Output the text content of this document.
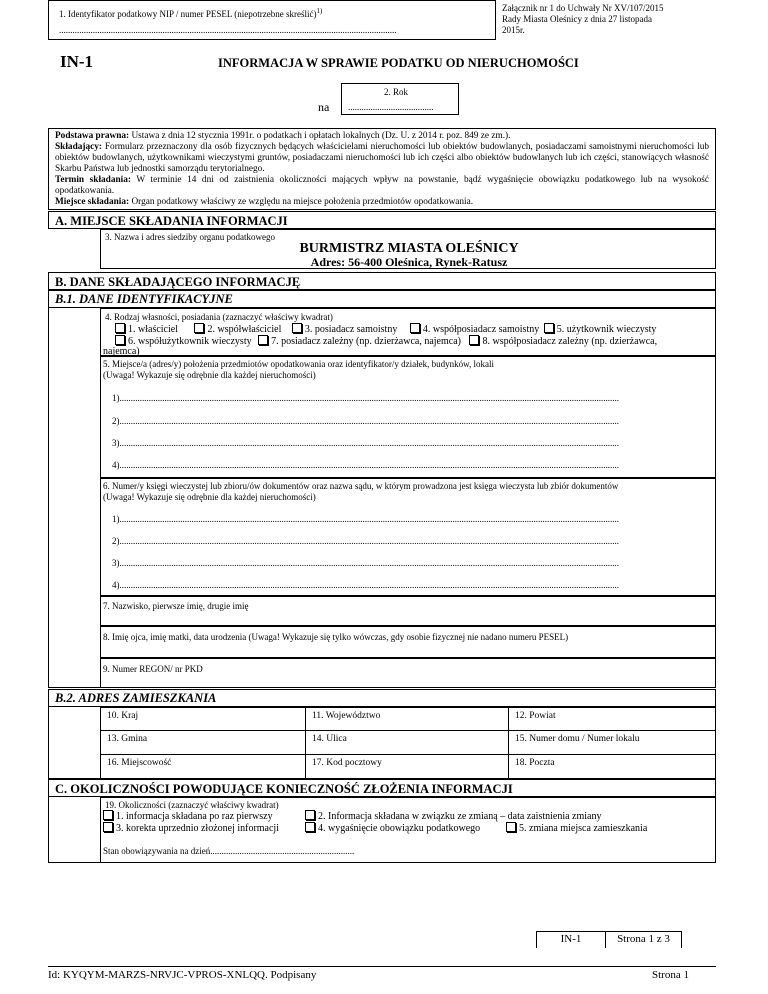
1. Identyfikator podatkowy NIP / numer PESEL (niepotrzebne skreślić)$^{1)}$
......................................................................................................................................................
Załącznik nr 1 do Uchwały Nr XV/107/2015
Rady Miasta Oleśnicy z dnia 27 listopada
2015r.
IN-1	INFORMACJA W SPRAWIE PODATKU OD NIERUCHOMOŚCI
na
2. Rok
......................................
Podstawa prawna: Ustawa z dnia 12 stycznia 1991r. o podatkach i opłatach lokalnych (Dz. U. z 2014 r. poz. 849 ze zm.).
Składający: Formularz przeznaczony dla osób fizycznych będących właścicielami nieruchomości lub obiektów budowlanych, posiadaczami samoistnymi nieruchomości lub obiektów budowlanych, użytkownikami wieczystymi gruntów, posiadaczami nieruchomości lub ich części albo obiektów budowlanych lub ich części, stanowiących własność Skarbu Państwa lub jednostki samorządu terytorialnego.
Termin składania: W terminie 14 dni od zaistnienia okoliczności mających wpływ na powstanie, bądź wygaśnięcie obowiązku podatkowego lub na wysokość opodatkowania.
Miejsce składania: Organ podatkowy właściwy ze względu na miejsce położenia przedmiotów opodatkowania.
A. MIEJSCE SKŁADANIA INFORMACJI
3. Nazwa i adres siedziby organu podatkowego
BURMISTRZ MIASTA OLEŚNICY
Adres: 56-400 Oleśnica, Rynek-Ratusz
B. DANE SKŁADAJĄCEGO INFORMACJĘ
B.1. DANE IDENTYFIKACYJNE
4. Rodzaj własności, posiadania (zaznaczyć właściwy kwadrat)
1. właściciel	2. współwłaściciel 3. posiadacz samoistny	4. współposiadacz samoistny 5. użytkownik wieczysty
6. współużytkownik wieczysty 7. posiadacz zależny (np. dzierżawca, najemca) 8. współposiadacz zależny (np. dzierżawca,
najemca)
5. Miejsce/a (adres/y) położenia przedmiotów opodatkowania oraz identyfikator/y działek, budynków, lokali
(Uwaga! Wykazuje się odrębnie dla każdej nieruchomości)
1)..............................................................................................................................................................................................................................
2)..............................................................................................................................................................................................................................
3)..............................................................................................................................................................................................................................
4)..............................................................................................................................................................................................................................
6. Numer/y księgi wieczystej lub zbioru/ów dokumentów oraz nazwa sądu, w którym prowadzona jest księga wieczysta lub zbiór dokumentów
(Uwaga! Wykazuje się odrębnie dla każdej nieruchomości)
1)..............................................................................................................................................................................................................................
2)..............................................................................................................................................................................................................................
3)..............................................................................................................................................................................................................................
4)..............................................................................................................................................................................................................................
7. Nazwisko, pierwsze imię, drugie imię
8. Imię ojca, imię matki, data urodzenia (Uwaga! Wykazuje się tylko wówczas, gdy osobie fizycznej nie nadano numeru PESEL)
9. Numer REGON/ nr PKD
B.2. ADRES ZAMIESZKANIA
10. Kraj	11. Województwo	12. Powiat
13. Gmina	14. Ulica	15. Numer domu / Numer lokalu
16. Miejscowość	17. Kod pocztowy	18. Poczta
C. OKOLICZNOŚCI POWODUJĄCE KONIECZNOŚĆ ZŁOŻENIA INFORMACJI
19. Okoliczności (zaznaczyć właściwy kwadrat)
1. informacja składana po raz pierwszy	2. Informacja składana w związku ze zmianą – data zaistnienia zmiany
3. korekta uprzednio złożonej informacji	4. wygaśnięcie obowiązku podatkowego	5. zmiana miejsca zamieszkania
Stan obowiązywania na dzień................................................................
IN-1	Strona 1 z 3
Id: KYQYM-MARZS-NRVJC-VPROS-XNLQQ. Podpisany	Strona 1
